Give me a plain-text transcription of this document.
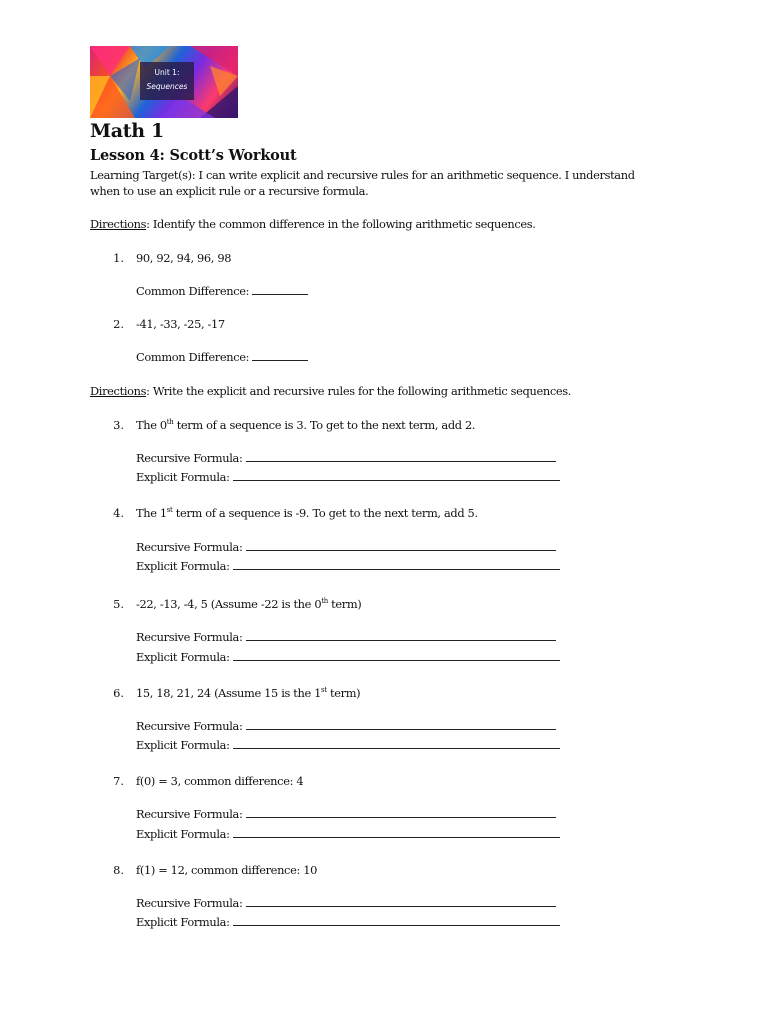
Unit 1:
Sequences
Math 1
Lesson 4: Scott’s Workout
Learning Target(s): I can write explicit and recursive rules for an arithmetic sequence. I understand
when to use an explicit rule or a recursive formula.
Directions: Identify the common difference in the following arithmetic sequences.
1. 90, 92, 94, 96, 98
Common Difference:
2. -41, -33, -25, -17
Common Difference:
Directions: Write the explicit and recursive rules for the following arithmetic sequences.
3. The 0th term of a sequence is 3. To get to the next term, add 2.
Recursive Formula:
Explicit Formula:
4. The 1st term of a sequence is -9. To get to the next term, add 5.
Recursive Formula:
Explicit Formula:
5. -22, -13, -4, 5 (Assume -22 is the 0th term)
Recursive Formula:
Explicit Formula:
6. 15, 18, 21, 24 (Assume 15 is the 1st term)
Recursive Formula:
Explicit Formula:
7. f(0) = 3, common difference: 4
Recursive Formula:
Explicit Formula:
8. f(1) = 12, common difference: 10
Recursive Formula:
Explicit Formula:
